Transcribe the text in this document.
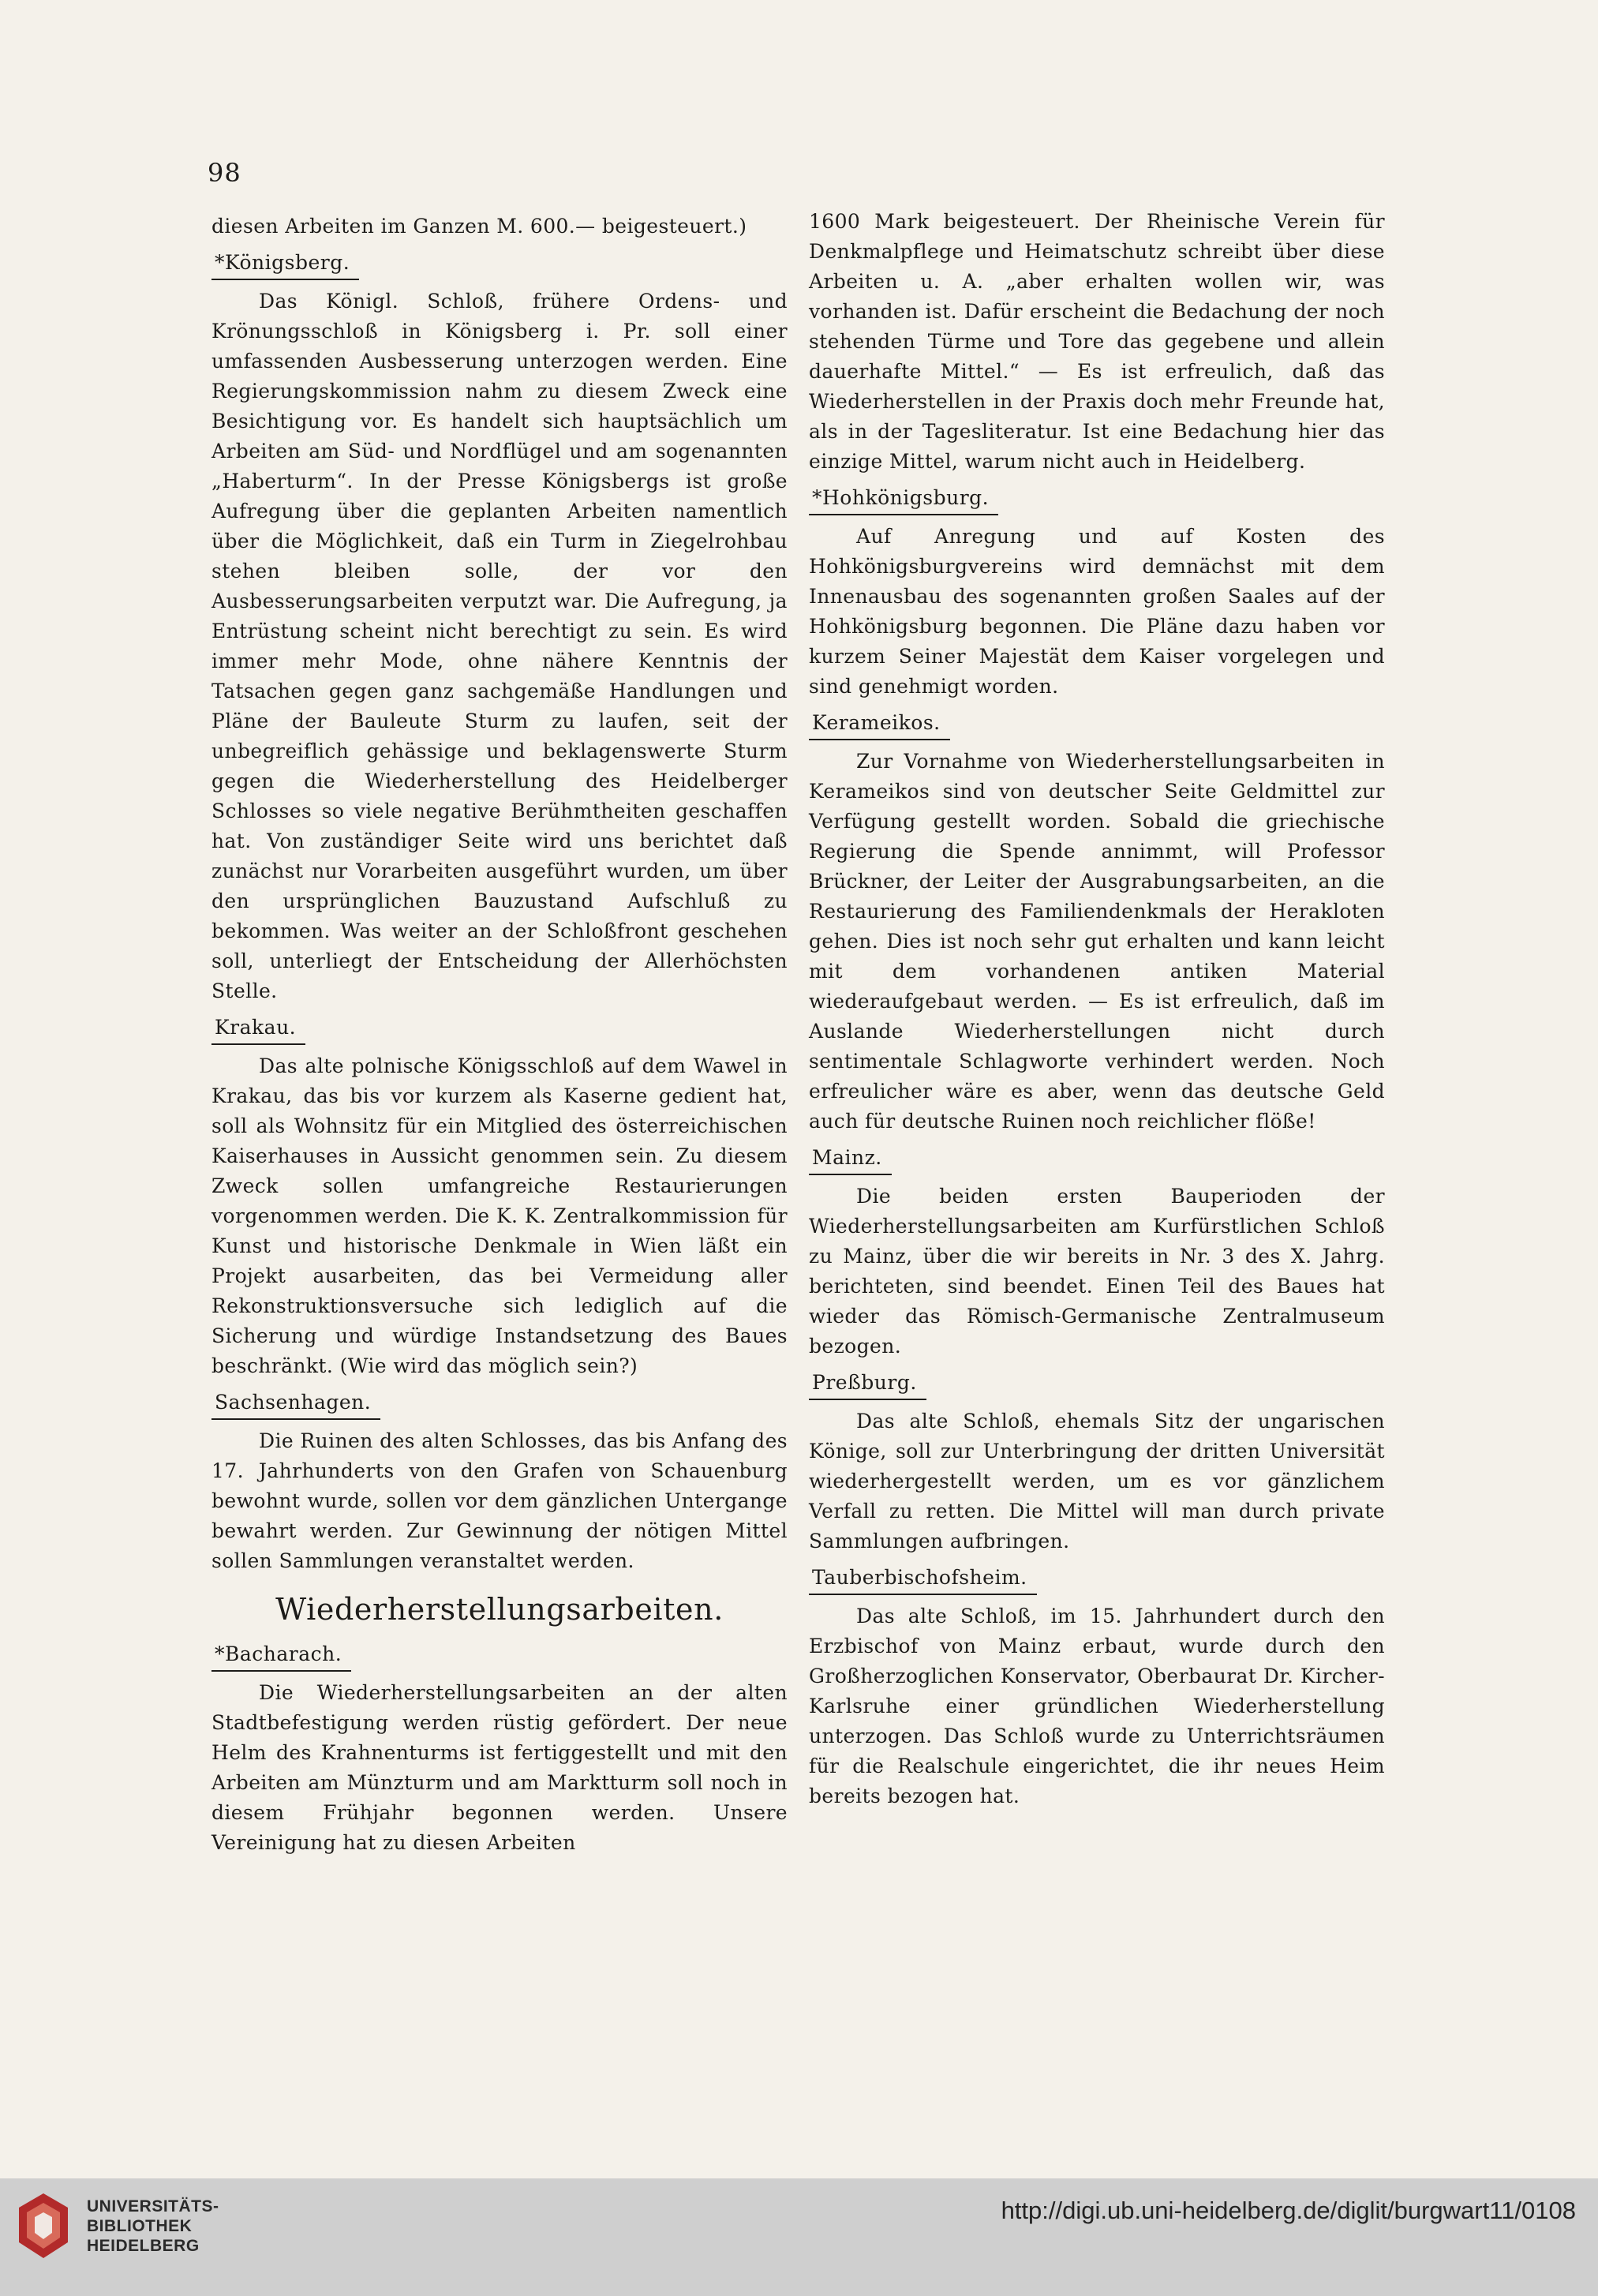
98

diesen Arbeiten im Ganzen M. 600.— beigesteuert.)

*Königsberg.

Das Königl. Schloß, frühere Ordens- und Krönungsschloß in Königsberg i. Pr. soll einer umfassenden Ausbesserung unterzogen werden. Eine Regierungskommission nahm zu diesem Zweck eine Besichtigung vor. Es handelt sich hauptsächlich um Arbeiten am Süd- und Nordflügel und am sogenannten „Haberturm“. In der Presse Königsbergs ist große Aufregung über die geplanten Arbeiten namentlich über die Möglichkeit, daß ein Turm in Ziegelrohbau stehen bleiben solle, der vor den Ausbesserungsarbeiten verputzt war. Die Aufregung, ja Entrüstung scheint nicht berechtigt zu sein. Es wird immer mehr Mode, ohne nähere Kenntnis der Tatsachen gegen ganz sachgemäße Handlungen und Pläne der Bauleute Sturm zu laufen, seit der unbegreiflich gehässige und beklagenswerte Sturm gegen die Wiederherstellung des Heidelberger Schlosses so viele negative Berühmtheiten geschaffen hat. Von zuständiger Seite wird uns berichtet daß zunächst nur Vorarbeiten ausgeführt wurden, um über den ursprünglichen Bauzustand Aufschluß zu bekommen. Was weiter an der Schloßfront geschehen soll, unterliegt der Entscheidung der Allerhöchsten Stelle.

Krakau.

Das alte polnische Königsschloß auf dem Wawel in Krakau, das bis vor kurzem als Kaserne gedient hat, soll als Wohnsitz für ein Mitglied des österreichischen Kaiserhauses in Aussicht genommen sein. Zu diesem Zweck sollen umfangreiche Restaurierungen vorgenommen werden. Die K. K. Zentralkommission für Kunst und historische Denkmale in Wien läßt ein Projekt ausarbeiten, das bei Vermeidung aller Rekonstruktionsversuche sich lediglich auf die Sicherung und würdige Instandsetzung des Baues beschränkt. (Wie wird das möglich sein?)

Sachsenhagen.

Die Ruinen des alten Schlosses, das bis Anfang des 17. Jahrhunderts von den Grafen von Schauenburg bewohnt wurde, sollen vor dem gänzlichen Untergange bewahrt werden. Zur Gewinnung der nötigen Mittel sollen Sammlungen veranstaltet werden.

Wiederherstellungsarbeiten.
*Bacharach.

Die Wiederherstellungsarbeiten an der alten Stadtbefestigung werden rüstig gefördert. Der neue Helm des Krahnenturms ist fertiggestellt und mit den Arbeiten am Münzturm und am Marktturm soll noch in diesem Frühjahr begonnen werden. Unsere Vereinigung hat zu diesen Arbeiten

1600 Mark beigesteuert. Der Rheinische Verein für Denkmalpflege und Heimatschutz schreibt über diese Arbeiten u. A. „aber erhalten wollen wir, was vorhanden ist. Dafür erscheint die Bedachung der noch stehenden Türme und Tore das gegebene und allein dauerhafte Mittel.“ — Es ist erfreulich, daß das Wiederherstellen in der Praxis doch mehr Freunde hat, als in der Tagesliteratur. Ist eine Bedachung hier das einzige Mittel, warum nicht auch in Heidelberg.

*Hohkönigsburg.

Auf Anregung und auf Kosten des Hohkönigsburgvereins wird demnächst mit dem Innenausbau des sogenannten großen Saales auf der Hohkönigsburg begonnen. Die Pläne dazu haben vor kurzem Seiner Majestät dem Kaiser vorgelegen und sind genehmigt worden.

Kerameikos.

Zur Vornahme von Wiederherstellungsarbeiten in Kerameikos sind von deutscher Seite Geldmittel zur Verfügung gestellt worden. Sobald die griechische Regierung die Spende annimmt, will Professor Brückner, der Leiter der Ausgrabungsarbeiten, an die Restaurierung des Familiendenkmals der Herakloten gehen. Dies ist noch sehr gut erhalten und kann leicht mit dem vorhandenen antiken Material wiederaufgebaut werden. — Es ist erfreulich, daß im Auslande Wiederherstellungen nicht durch sentimentale Schlagworte verhindert werden. Noch erfreulicher wäre es aber, wenn das deutsche Geld auch für deutsche Ruinen noch reichlicher flöße!

Mainz.

Die beiden ersten Bauperioden der Wiederherstellungsarbeiten am Kurfürstlichen Schloß zu Mainz, über die wir bereits in Nr. 3 des X. Jahrg. berichteten, sind beendet. Einen Teil des Baues hat wieder das Römisch-Germanische Zentralmuseum bezogen.

Preßburg.

Das alte Schloß, ehemals Sitz der ungarischen Könige, soll zur Unterbringung der dritten Universität wiederhergestellt werden, um es vor gänzlichem Verfall zu retten. Die Mittel will man durch private Sammlungen aufbringen.

Tauberbischofsheim.

Das alte Schloß, im 15. Jahrhundert durch den Erzbischof von Mainz erbaut, wurde durch den Großherzoglichen Konservator, Oberbaurat Dr. Kircher-Karlsruhe einer gründlichen Wiederherstellung unterzogen. Das Schloß wurde zu Unterrichtsräumen für die Realschule eingerichtet, die ihr neues Heim bereits bezogen hat.

UNIVERSITÄTS-
BIBLIOTHEK
HEIDELBERG
http://digi.ub.uni-heidelberg.de/diglit/burgwart11/0108
